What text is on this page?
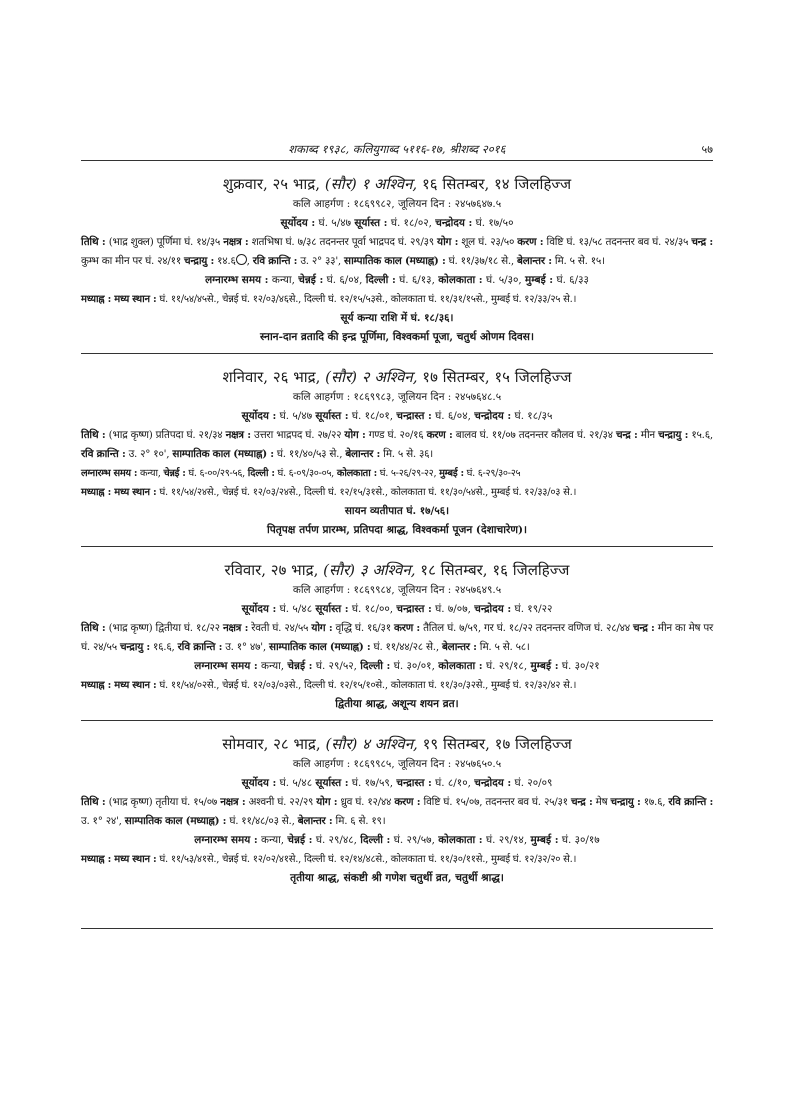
शकाब्द १९३८, कलियुगाब्द ५११६-१७, श्रीशब्द २०१६	५७
शुक्रवार, २५ भाद्र, (सौर) १ अश्विन, १६ सितम्बर, १४ जिलहिज्ज
कलि आहर्गण : १८६९९८२, जूलियन दिन : २४५७६४७.५
सूर्योदय : घं. ५/४७ सूर्यास्त : घं. १८/०२, चन्द्रोदय : घं. १७/५०
तिथि : (भाद्र शुक्ल) पूर्णिमा घं. १४/३५ नक्षत्र : शतभिषा घं. ७/३८ तदनन्तर पूर्वा भाद्रपद घं. २९/३९ योग : शूल घं. २३/५० करण : विष्टि घं. १३/५८ तदनन्तर बव घं. २४/३५ चन्द्र : कुम्भ का मीन पर घं. २४/११ चन्द्रायु : १४.६ , रवि क्रान्ति : उ. २° ३३', साम्पातिक काल (मध्याह्न) : घं. ११/३७/१८ से., बेलान्तर : मि. ५ से. १५।
लग्नारम्भ समय : कन्या, चेन्नई : घं. ६/०४, दिल्ली : घं. ६/१३, कोलकाता : घं. ५/३०, मुम्बई : घं. ६/३३
मध्याह्न : मध्य स्थान : घं. ११/५४/४५से., चेन्नई घं. १२/०३/४६से., दिल्ली घं. १२/१५/५३से., कोलकाता घं. ११/३१/१५से., मुम्बई घं. १२/३३/२५ से.।
सूर्य कन्या राशि में घं. १८/३६।
स्नान-दान व्रतादि की इन्द्र पूर्णिमा, विश्वकर्मा पूजा, चतुर्थ ओणम दिवस।
शनिवार, २६ भाद्र, (सौर) २ अश्विन, १७ सितम्बर, १५ जिलहिज्ज
कलि आहर्गण : १८६९९८३, जूलियन दिन : २४५७६४८.५
सूर्योदय : घं. ५/४७ सूर्यास्त : घं. १८/०१, चन्द्रास्त : घं. ६/०४, चन्द्रोदय : घं. १८/३५
तिथि : (भाद्र कृष्ण) प्रतिपदा घं. २१/३४ नक्षत्र : उत्तरा भाद्रपद घं. २७/२२ योग : गण्ड घं. २०/१६ करण : बालव घं. ११/०७ तदनन्तर कौलव घं. २१/३४ चन्द्र : मीन चन्द्रायु : १५.६, रवि क्रान्ति : उ. २° १०', साम्पातिक काल (मध्याह्न) : घं. ११/४०/५३ से., बेलान्तर : मि. ५ से. ३६।
लग्नारम्भ समय : कन्या, चेन्नई : घं. ६-००/२९-५६, दिल्ली : घं. ६-०९/३०-०५, कोलकाता : घं. ५-२६/२९-२२, मुम्बई : घं. ६-२९/३०-२५
मध्याह्न : मध्य स्थान : घं. ११/५४/२४से., चेन्नई घं. १२/०३/२४से., दिल्ली घं. १२/१५/३१से., कोलकाता घं. ११/३०/५४से., मुम्बई घं. १२/३३/०३ से.।
सायन व्यतीपात घं. १७/५६।
पितृपक्ष तर्पण प्रारम्भ, प्रतिपदा श्राद्ध, विश्वकर्मा पूजन (देशाचारेण)।
रविवार, २७ भाद्र, (सौर) ३ अश्विन, १८ सितम्बर, १६ जिलहिज्ज
कलि आहर्गण : १८६९९८४, जूलियन दिन : २४५७६४९.५
सूर्योदय : घं. ५/४८ सूर्यास्त : घं. १८/००, चन्द्रास्त : घं. ७/०७, चन्द्रोदय : घं. १९/२२
तिथि : (भाद्र कृष्ण) द्वितीया घं. १८/२२ नक्षत्र : रेवती घं. २४/५५ योग : वृद्धि घं. १६/३१ करण : तैतिल घं. ७/५९, गर घं. १८/२२ तदनन्तर वणिज घं. २८/४४ चन्द्र : मीन का मेष पर घं. २४/५५ चन्द्रायु : १६.६, रवि क्रान्ति : उ. १° ४७', साम्पातिक काल (मध्याह्न) : घं. ११/४४/२८ से., बेलान्तर : मि. ५ से. ५८।
लग्नारम्भ समय : कन्या, चेन्नई : घं. २९/५२, दिल्ली : घं. ३०/०१, कोलकाता : घं. २९/१८, मुम्बई : घं. ३०/२१
मध्याह्न : मध्य स्थान : घं. ११/५४/०२से., चेन्नई घं. १२/०३/०३से., दिल्ली घं. १२/१५/१०से., कोलकाता घं. ११/३०/३२से., मुम्बई घं. १२/३२/४२ से.।
द्वितीया श्राद्ध, अशून्य शयन व्रत।
सोमवार, २८ भाद्र, (सौर) ४ अश्विन, १९ सितम्बर, १७ जिलहिज्ज
कलि आहर्गण : १८६९९८५, जूलियन दिन : २४५७६५०.५
सूर्योदय : घं. ५/४८ सूर्यास्त : घं. १७/५९, चन्द्रास्त : घं. ८/१०, चन्द्रोदय : घं. २०/०९
तिथि : (भाद्र कृष्ण) तृतीया घं. १५/०७ नक्षत्र : अश्वनी घं. २२/२९ योग : ध्रुव घं. १२/४४ करण : विष्टि घं. १५/०७, तदनन्तर बव घं. २५/३१ चन्द्र : मेष चन्द्रायु : १७.६, रवि क्रान्ति : उ. १° २४', साम्पातिक काल (मध्याह्न) : घं. ११/४८/०३ से., बेलान्तर : मि. ६ से. १९।
लग्नारम्भ समय : कन्या, चेन्नई : घं. २९/४८, दिल्ली : घं. २९/५७, कोलकाता : घं. २९/१४, मुम्बई : घं. ३०/१७
मध्याह्न : मध्य स्थान : घं. ११/५३/४१से., चेन्नई घं. १२/०२/४१से., दिल्ली घं. १२/१४/४८से., कोलकाता घं. ११/३०/११से., मुम्बई घं. १२/३२/२० से.।
तृतीया श्राद्ध, संकष्टी श्री गणेश चतुर्थी व्रत, चतुर्थी श्राद्ध।
